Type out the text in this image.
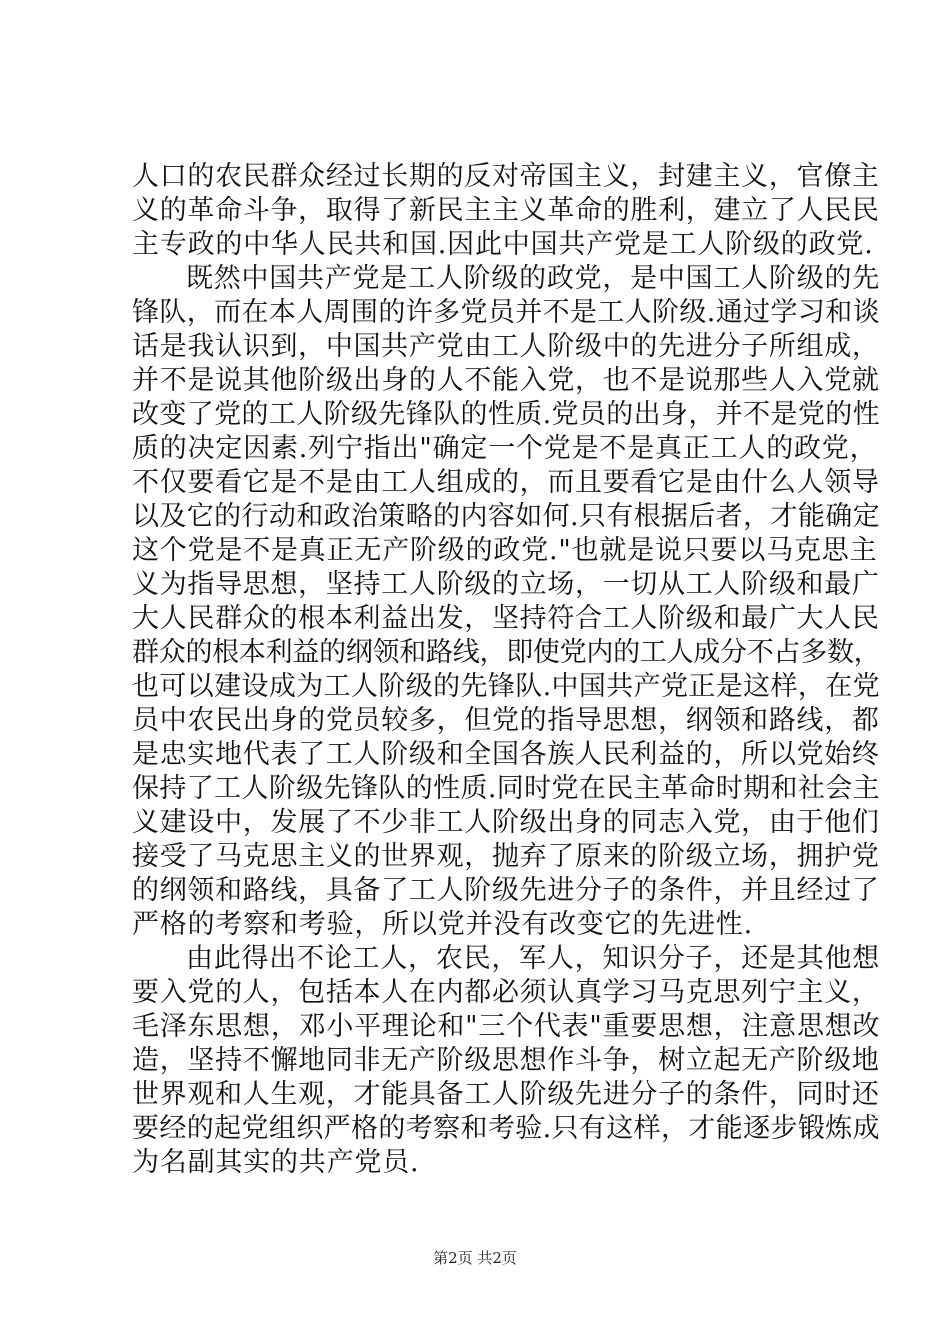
人口的农民群众经过长期的反对帝国主义，封建主义，官僚主
义的革命斗争，取得了新民主主义革命的胜利，建立了人民民
主专政的中华人民共和国.因此中国共产党是工人阶级的政党.
既然中国共产党是工人阶级的政党，是中国工人阶级的先
锋队，而在本人周围的许多党员并不是工人阶级.通过学习和谈
话是我认识到，中国共产党由工人阶级中的先进分子所组成，
并不是说其他阶级出身的人不能入党，也不是说那些人入党就
改变了党的工人阶级先锋队的性质.党员的出身，并不是党的性
质的决定因素.列宁指出"确定一个党是不是真正工人的政党，
不仅要看它是不是由工人组成的，而且要看它是由什么人领导
以及它的行动和政治策略的内容如何.只有根据后者，才能确定
这个党是不是真正无产阶级的政党."也就是说只要以马克思主
义为指导思想，坚持工人阶级的立场，一切从工人阶级和最广
大人民群众的根本利益出发，坚持符合工人阶级和最广大人民
群众的根本利益的纲领和路线，即使党内的工人成分不占多数，
也可以建设成为工人阶级的先锋队.中国共产党正是这样，在党
员中农民出身的党员较多，但党的指导思想，纲领和路线，都
是忠实地代表了工人阶级和全国各族人民利益的，所以党始终
保持了工人阶级先锋队的性质.同时党在民主革命时期和社会主
义建设中，发展了不少非工人阶级出身的同志入党，由于他们
接受了马克思主义的世界观，抛弃了原来的阶级立场，拥护党
的纲领和路线，具备了工人阶级先进分子的条件，并且经过了
严格的考察和考验，所以党并没有改变它的先进性.
由此得出不论工人，农民，军人，知识分子，还是其他想
要入党的人，包括本人在内都必须认真学习马克思列宁主义，
毛泽东思想，邓小平理论和"三个代表"重要思想，注意思想改
造，坚持不懈地同非无产阶级思想作斗争，树立起无产阶级地
世界观和人生观，才能具备工人阶级先进分子的条件，同时还
要经的起党组织严格的考察和考验.只有这样，才能逐步锻炼成
为名副其实的共产党员.
第2页 共2页
